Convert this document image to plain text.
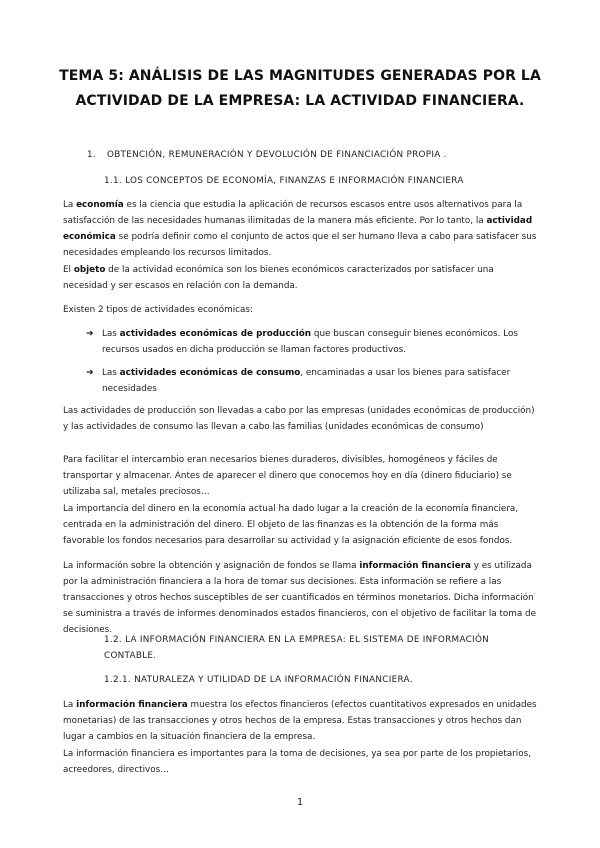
TEMA 5: ANÁLISIS DE LAS MAGNITUDES GENERADAS POR LA
ACTIVIDAD DE LA EMPRESA: LA ACTIVIDAD FINANCIERA.
1. OBTENCIÓN, REMUNERACIÓN Y DEVOLUCIÓN DE FINANCIACIÓN PROPIA .
1.1. LOS CONCEPTOS DE ECONOMÍA, FINANZAS E INFORMACIÓN FINANCIERA

La economía es la ciencia que estudia la aplicación de recursos escasos entre usos alternativos para la satisfacción de las necesidades humanas ilimitadas de la manera más eficiente. Por lo tanto, la actividad económica se podría definir como el conjunto de actos que el ser humano lleva a cabo para satisfacer sus necesidades empleando los recursos limitados.

El objeto de la actividad económica son los bienes económicos caracterizados por satisfacer una necesidad y ser escasos en relación con la demanda.

Existen 2 tipos de actividades económicas:

➔ Las actividades económicas de producción que buscan conseguir bienes económicos. Los recursos usados en dicha producción se llaman factores productivos.
➔ Las actividades económicas de consumo, encaminadas a usar los bienes para satisfacer necesidades

Las actividades de producción son llevadas a cabo por las empresas (unidades económicas de producción) y las actividades de consumo las llevan a cabo las familias (unidades económicas de consumo)

Para facilitar el intercambio eran necesarios bienes duraderos, divisibles, homogéneos y fáciles de transportar y almacenar. Antes de aparecer el dinero que conocemos hoy en día (dinero fiduciario) se utilizaba sal, metales preciosos…

La importancia del dinero en la economía actual ha dado lugar a la creación de la economía financiera, centrada en la administración del dinero. El objeto de las finanzas es la obtención de la forma más favorable los fondos necesarios para desarrollar su actividad y la asignación eficiente de esos fondos.

La información sobre la obtención y asignación de fondos se llama información financiera y es utilizada por la administración financiera a la hora de tomar sus decisiones. Esta información se refiere a las transacciones y otros hechos susceptibles de ser cuantificados en términos monetarios. Dicha información se suministra a través de informes denominados estados financieros, con el objetivo de facilitar la toma de decisiones.

1.2. LA INFORMACIÓN FINANCIERA EN LA EMPRESA: EL SISTEMA DE INFORMACIÓN CONTABLE.
1.2.1. NATURALEZA Y UTILIDAD DE LA INFORMACIÓN FINANCIERA.

La información financiera muestra los efectos financieros (efectos cuantitativos expresados en unidades monetarias) de las transacciones y otros hechos de la empresa. Estas transacciones y otros hechos dan lugar a cambios en la situación financiera de la empresa.

La información financiera es importantes para la toma de decisiones, ya sea por parte de los propietarios, acreedores, directivos…

1
